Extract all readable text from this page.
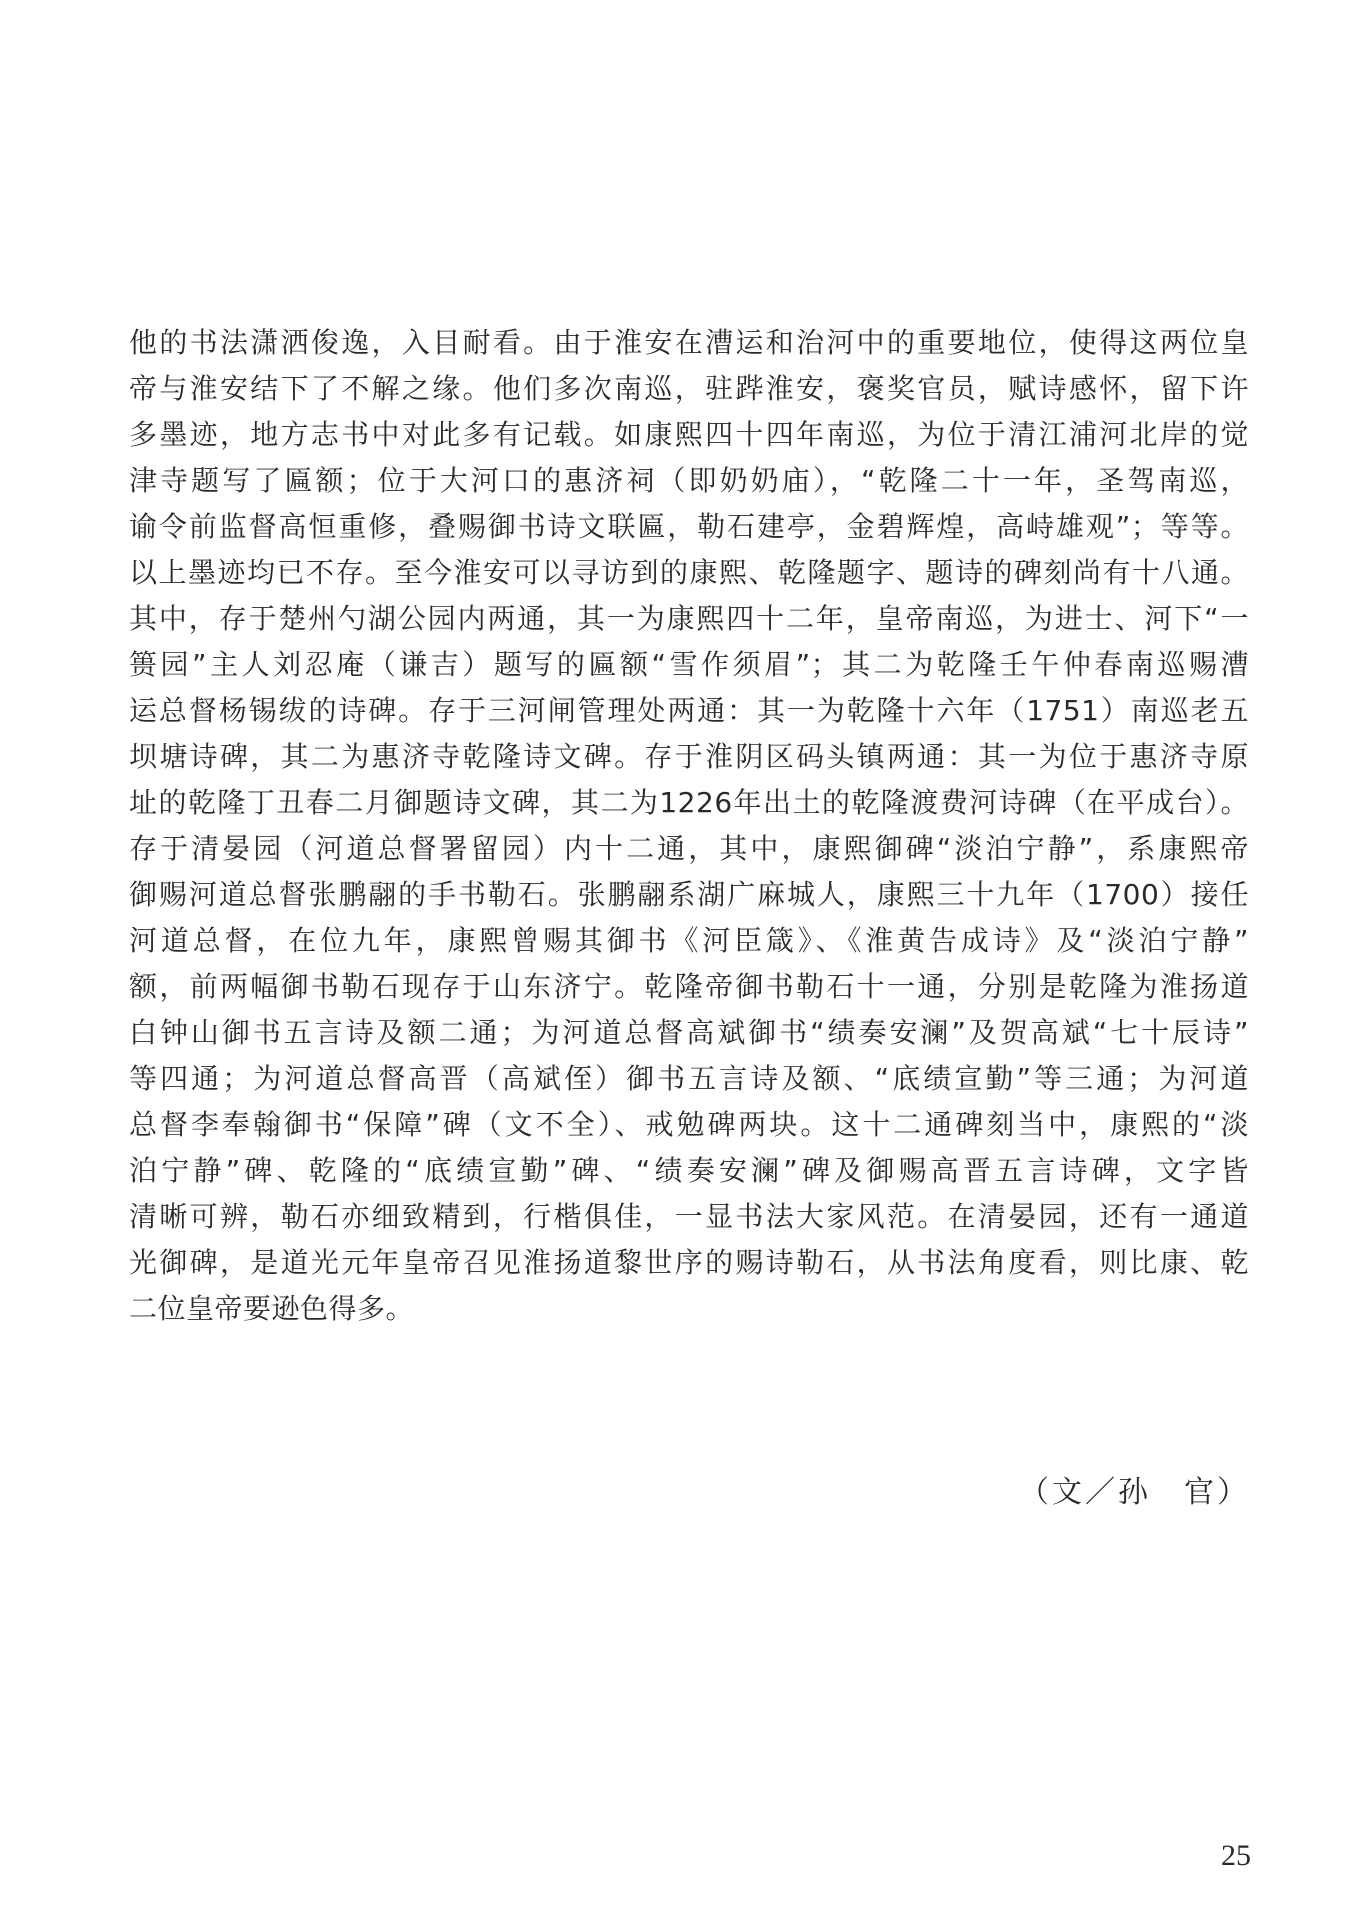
他的书法潇洒俊逸，入目耐看。由于淮安在漕运和治河中的重要地位，使得这两位皇
帝与淮安结下了不解之缘。他们多次南巡，驻跸淮安，褒奖官员，赋诗感怀，留下许
多墨迹，地方志书中对此多有记载。如康熙四十四年南巡，为位于清江浦河北岸的觉
津寺题写了匾额；位于大河口的惠济祠（即奶奶庙），“乾隆二十一年，圣驾南巡，
谕令前监督高恒重修，叠赐御书诗文联匾，勒石建亭，金碧辉煌，高峙雄观”；等等。
以上墨迹均已不存。至今淮安可以寻访到的康熙、乾隆题字、题诗的碑刻尚有十八通。
其中，存于楚州勺湖公园内两通，其一为康熙四十二年，皇帝南巡，为进士、河下“一
篑园”主人刘忍庵（谦吉）题写的匾额“雪作须眉”；其二为乾隆壬午仲春南巡赐漕
运总督杨锡绂的诗碑。存于三河闸管理处两通：其一为乾隆十六年（1751）南巡老五
坝塘诗碑，其二为惠济寺乾隆诗文碑。存于淮阴区码头镇两通：其一为位于惠济寺原
址的乾隆丁丑春二月御题诗文碑，其二为1226年出土的乾隆渡费河诗碑（在平成台）。
存于清晏园（河道总督署留园）内十二通，其中，康熙御碑“淡泊宁静”，系康熙帝
御赐河道总督张鹏翮的手书勒石。张鹏翮系湖广麻城人，康熙三十九年（1700）接任
河道总督，在位九年，康熙曾赐其御书《河臣箴》、《淮黄告成诗》及“淡泊宁静”
额，前两幅御书勒石现存于山东济宁。乾隆帝御书勒石十一通，分别是乾隆为淮扬道
白钟山御书五言诗及额二通；为河道总督高斌御书“绩奏安澜”及贺高斌“七十辰诗”
等四通；为河道总督高晋（高斌侄）御书五言诗及额、“底绩宣勤”等三通；为河道
总督李奉翰御书“保障”碑（文不全）、戒勉碑两块。这十二通碑刻当中，康熙的“淡
泊宁静”碑、乾隆的“底绩宣勤”碑、“绩奏安澜”碑及御赐高晋五言诗碑，文字皆
清晰可辨，勒石亦细致精到，行楷俱佳，一显书法大家风范。在清晏园，还有一通道
光御碑，是道光元年皇帝召见淮扬道黎世序的赐诗勒石，从书法角度看，则比康、乾
二位皇帝要逊色得多。
（文／孙　官）
25
